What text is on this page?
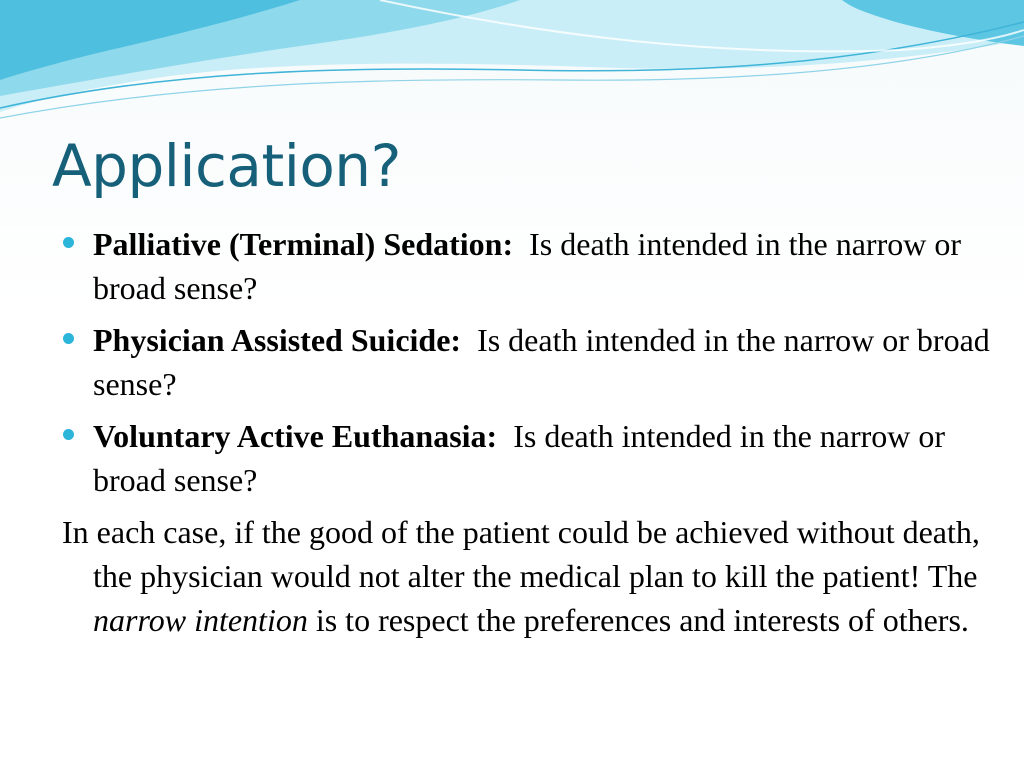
Application?
Palliative (Terminal) Sedation: Is death intended in the narrow or broad sense?
Physician Assisted Suicide: Is death intended in the narrow or broad sense?
Voluntary Active Euthanasia: Is death intended in the narrow or broad sense?
In each case, if the good of the patient could be achieved without death, the physician would not alter the medical plan to kill the patient! The narrow intention is to respect the preferences and interests of others.
